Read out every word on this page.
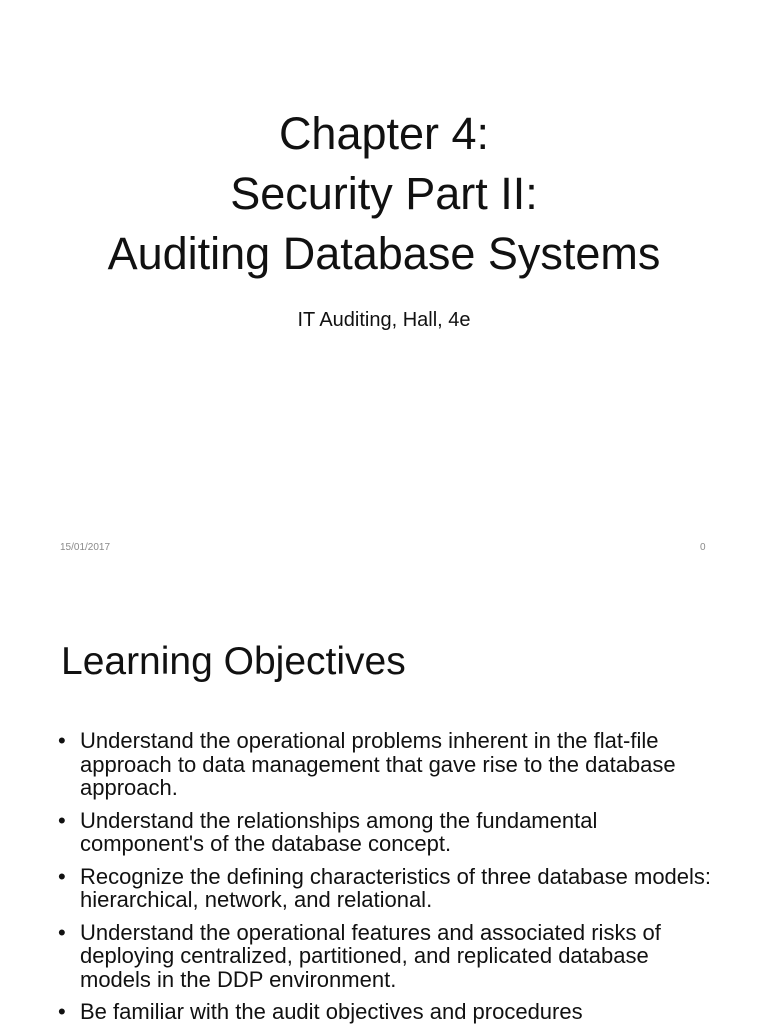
Chapter 4:
Security Part II:
Auditing Database Systems
IT Auditing, Hall, 4e
15/01/2017	0
Learning Objectives
• Understand the operational problems inherent in the flat-file approach to data management that gave rise to the database approach.
• Understand the relationships among the fundamental component's of the database concept.
• Recognize the defining characteristics of three database models: hierarchical, network, and relational.
• Understand the operational features and associated risks of deploying centralized, partitioned, and replicated database models in the DDP environment.
• Be familiar with the audit objectives and procedures
